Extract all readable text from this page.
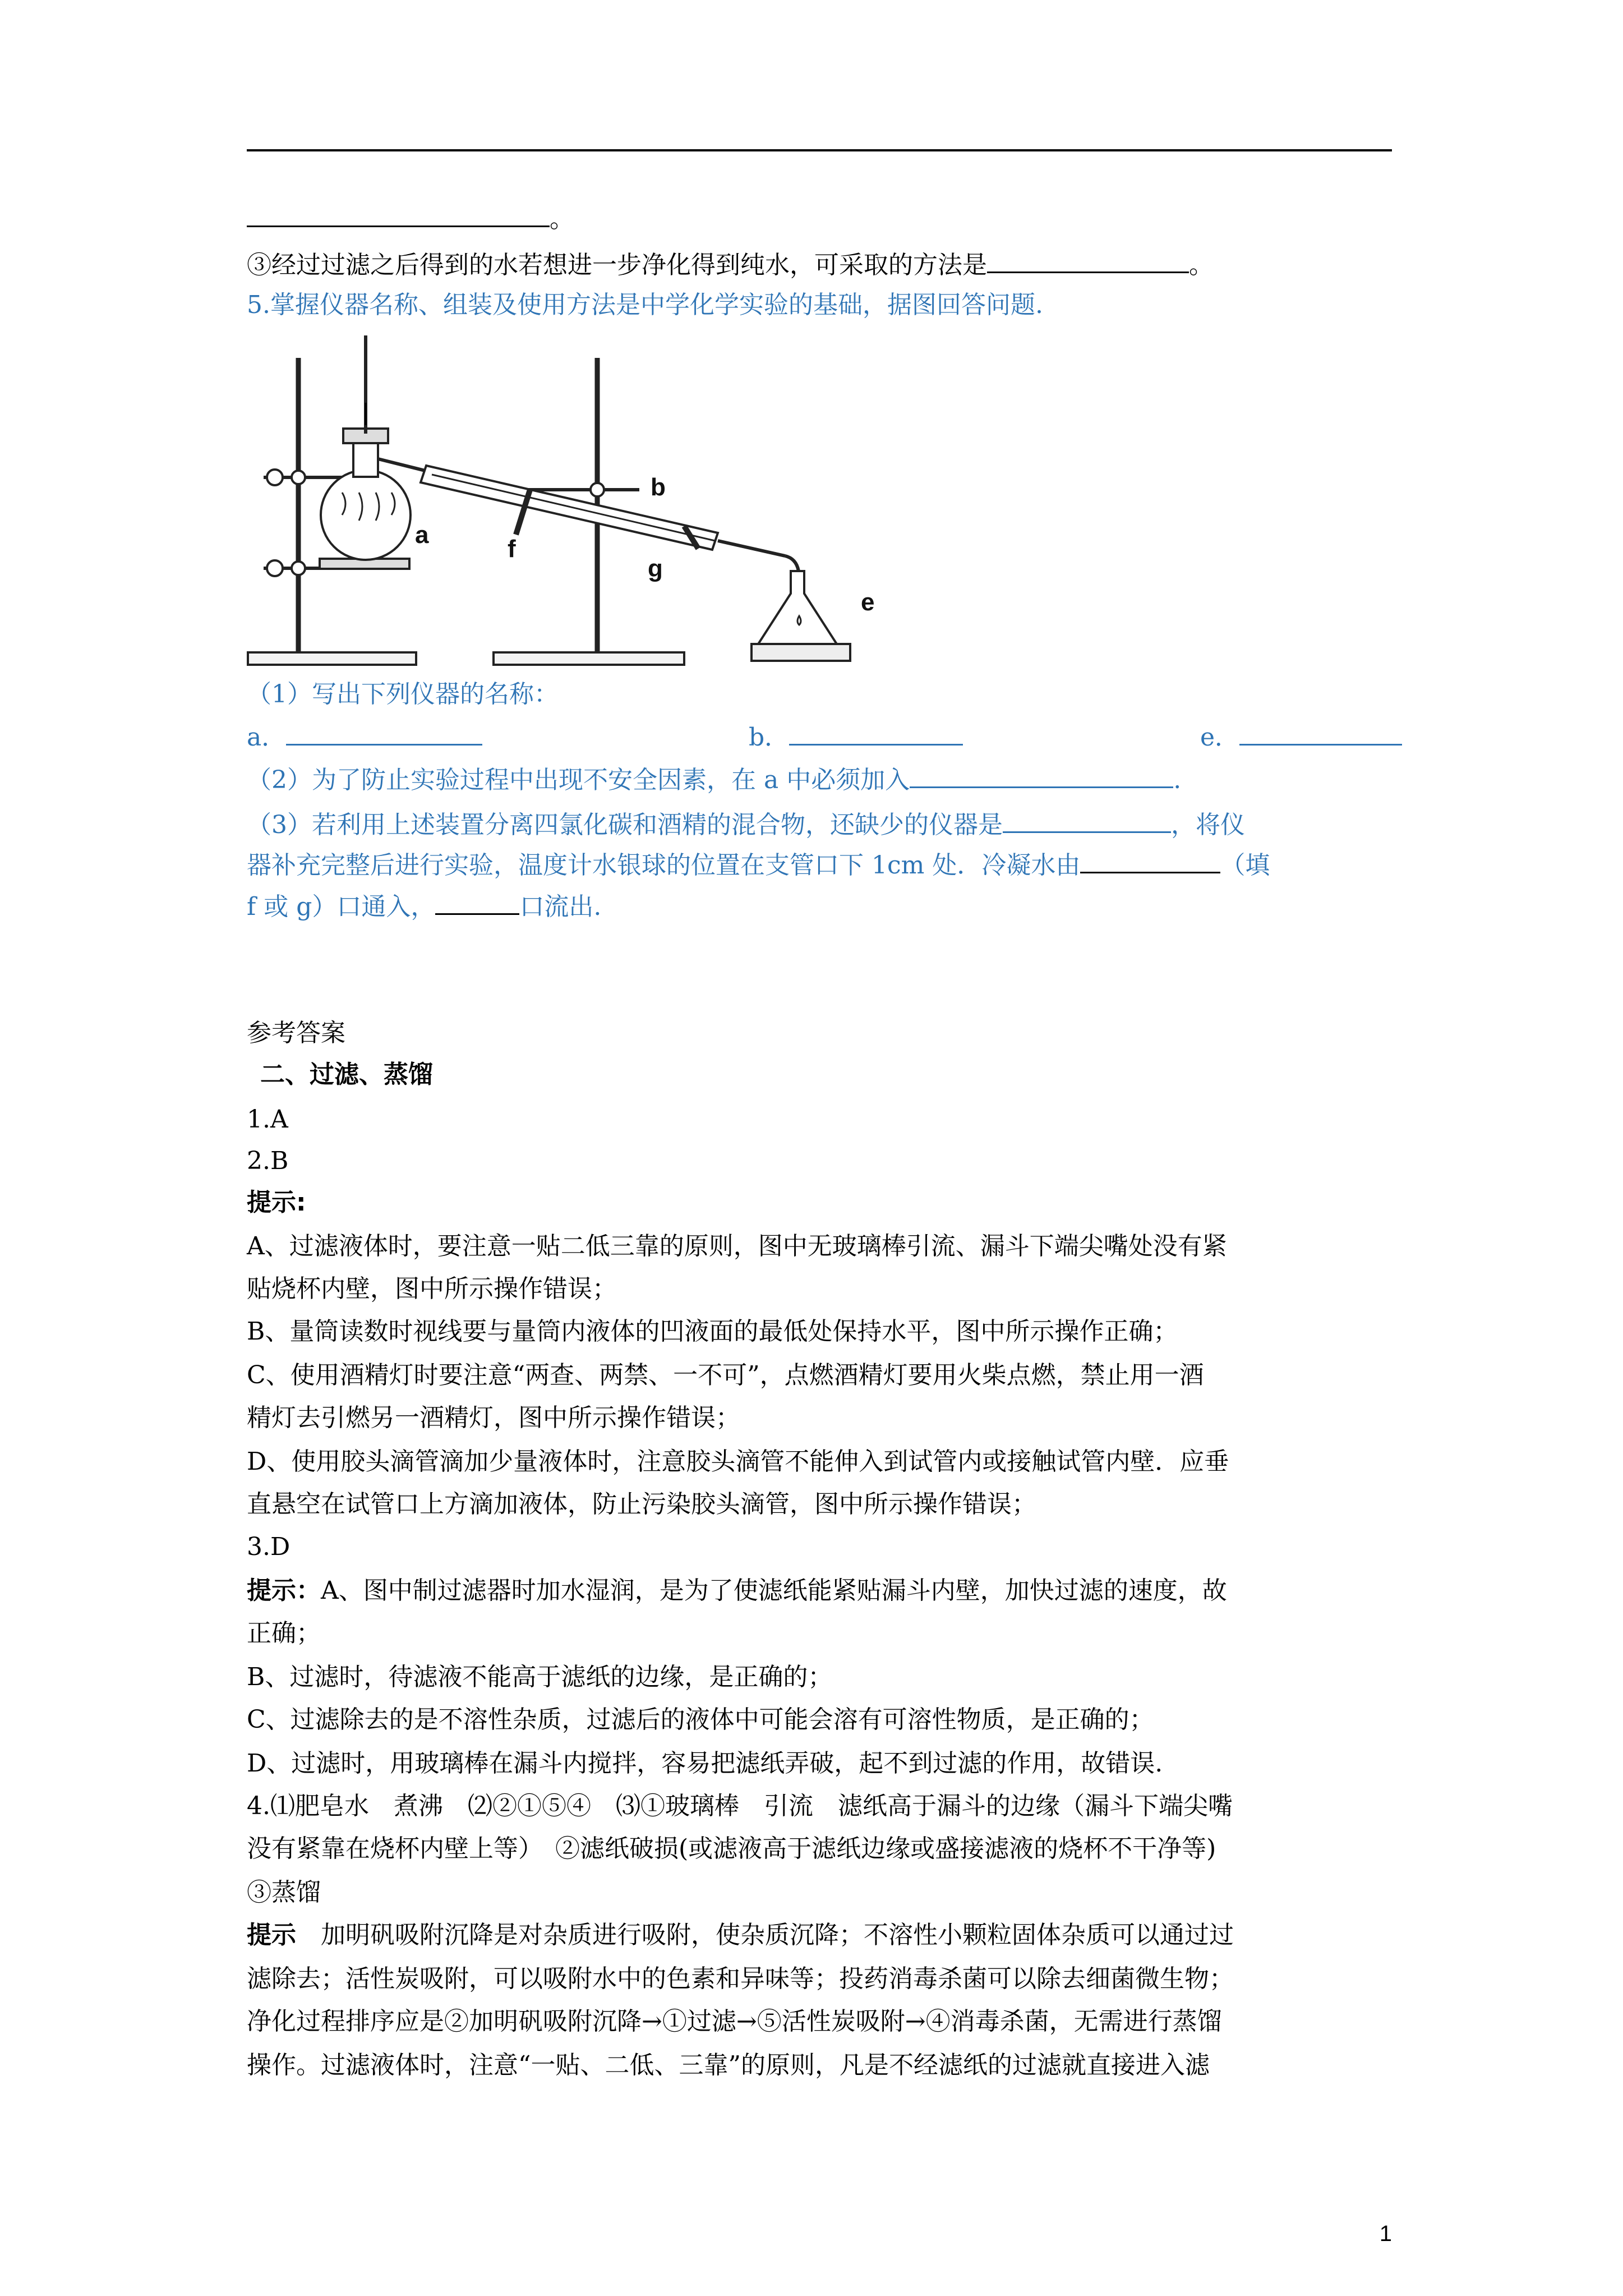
。
③经过过滤之后得到的水若想进一步净化得到纯水，可采取的方法是	。
5.掌握仪器名称、组装及使用方法是中学化学实验的基础，据图回答问题.
a
b
e
f
g
（1）写出下列仪器的名称：
a．	b．	e．
（2）为了防止实验过程中出现不安全因素，在 a 中必须加入	.
（3）若利用上述装置分离四氯化碳和酒精的混合物，还缺少的仪器是	，将仪
器补充完整后进行实验，温度计水银球的位置在支管口下 1cm 处．冷凝水由	（填
f 或 g）口通入，	口流出.
参考答案
二、过滤、蒸馏
1.A
2.B
提示:
A、过滤液体时，要注意一贴二低三靠的原则，图中无玻璃棒引流、漏斗下端尖嘴处没有紧
贴烧杯内壁，图中所示操作错误；
B、量筒读数时视线要与量筒内液体的凹液面的最低处保持水平，图中所示操作正确；
C、使用酒精灯时要注意“两查、两禁、一不可”，点燃酒精灯要用火柴点燃，禁止用一酒
精灯去引燃另一酒精灯，图中所示操作错误；
D、使用胶头滴管滴加少量液体时，注意胶头滴管不能伸入到试管内或接触试管内壁．应垂
直悬空在试管口上方滴加液体，防止污染胶头滴管，图中所示操作错误；
3.D
提示：A、图中制过滤器时加水湿润，是为了使滤纸能紧贴漏斗内壁，加快过滤的速度，故
正确；
B、过滤时，待滤液不能高于滤纸的边缘，是正确的；
C、过滤除去的是不溶性杂质，过滤后的液体中可能会溶有可溶性物质，是正确的；
D、过滤时，用玻璃棒在漏斗内搅拌，容易把滤纸弄破，起不到过滤的作用，故错误.
4.⑴肥皂水　煮沸　⑵②①⑤④　⑶①玻璃棒　引流　滤纸高于漏斗的边缘（漏斗下端尖嘴
没有紧靠在烧杯内壁上等）　②滤纸破损(或滤液高于滤纸边缘或盛接滤液的烧杯不干净等)
③蒸馏
提示　加明矾吸附沉降是对杂质进行吸附，使杂质沉降；不溶性小颗粒固体杂质可以通过过
滤除去；活性炭吸附，可以吸附水中的色素和异味等；投药消毒杀菌可以除去细菌微生物；
净化过程排序应是②加明矾吸附沉降→①过滤→⑤活性炭吸附→④消毒杀菌，无需进行蒸馏
操作。过滤液体时，注意“一贴、二低、三靠”的原则，凡是不经滤纸的过滤就直接进入滤
1
